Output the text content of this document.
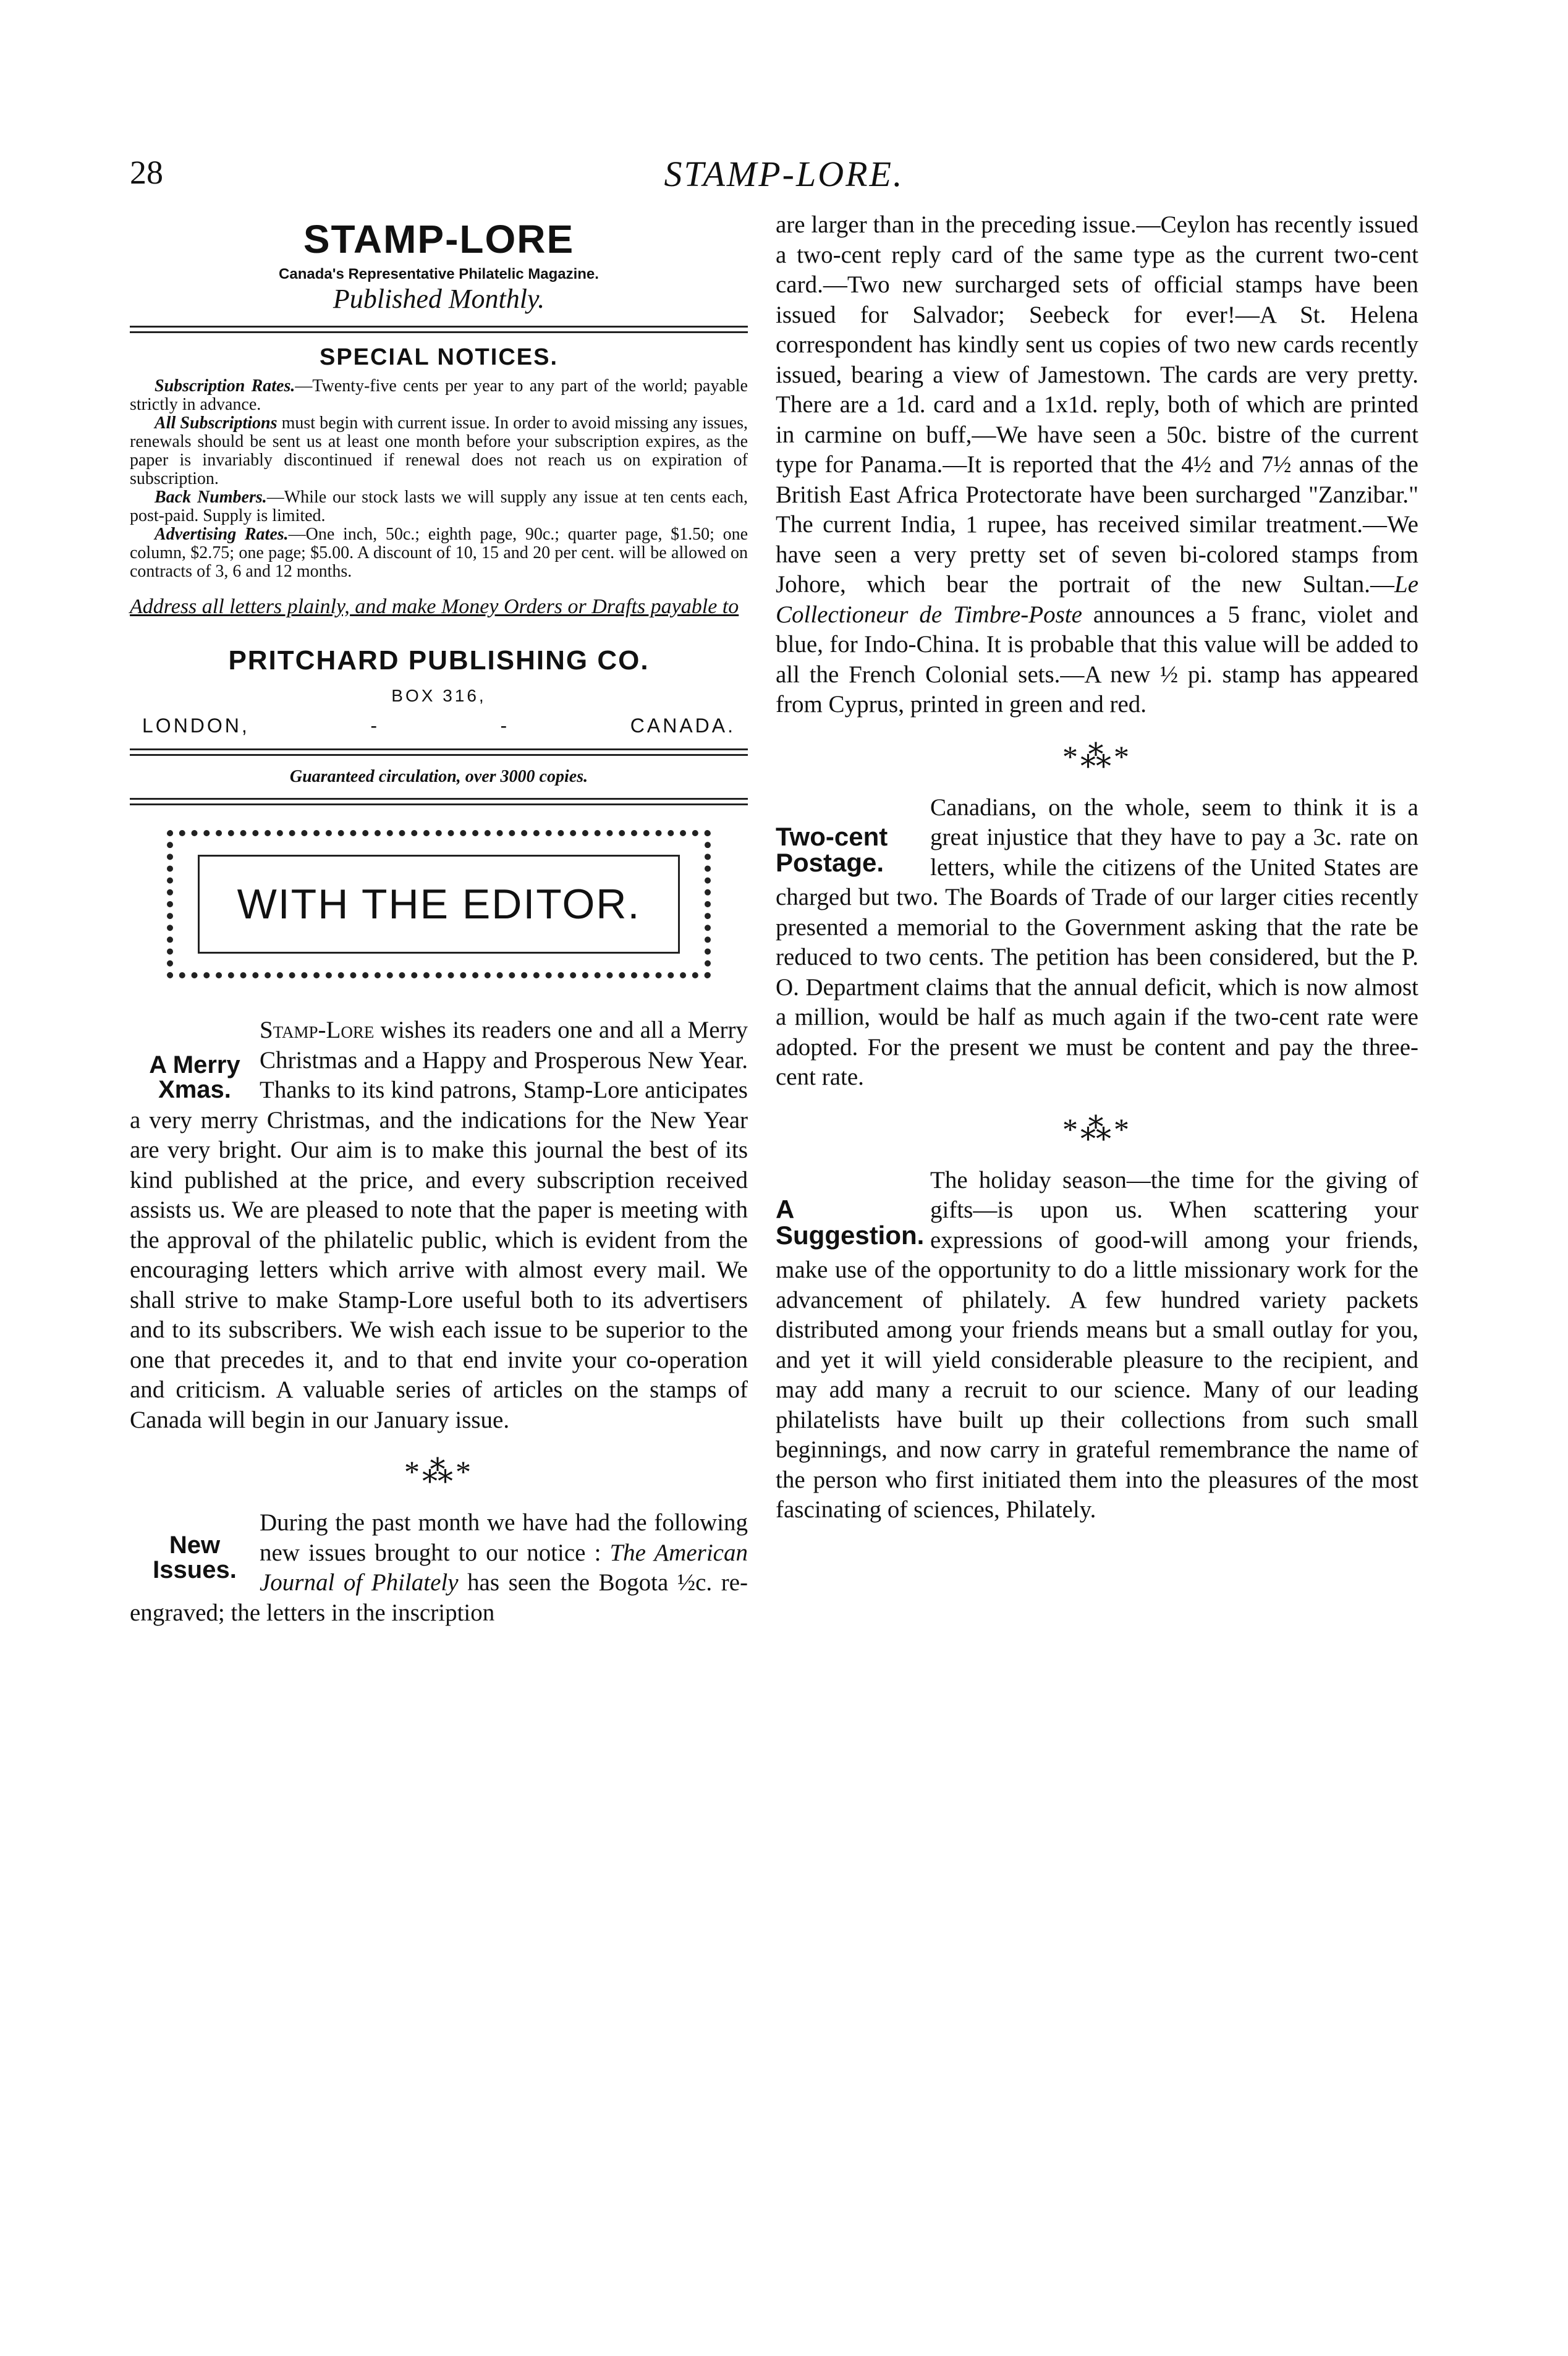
28	STAMP-LORE.
STAMP-LORE
Canada's Representative Philatelic Magazine.
Published Monthly.
SPECIAL NOTICES.

Subscription Rates.—Twenty-five cents per year to any part of the world; payable strictly in advance.

All Subscriptions must begin with current issue. In order to avoid missing any issues, renewals should be sent us at least one month before your subscription expires, as the paper is invariably discontinued if renewal does not reach us on expiration of subscription.

Back Numbers.—While our stock lasts we will supply any issue at ten cents each, post-paid. Supply is limited.

Advertising Rates.—One inch, 50c.; eighth page, 90c.; quarter page, $1.50; one column, $2.75; one page; $5.00. A discount of 10, 15 and 20 per cent. will be allowed on contracts of 3, 6 and 12 months.

Address all letters plainly, and make Money Orders or Drafts payable to
PRITCHARD PUBLISHING CO.
BOX 316,
LONDON,	-	-	CANADA.
Guaranteed circulation, over 3000 copies.
WITH THE EDITOR.
A Merry Xmas.

Stamp-Lore wishes its readers one and all a Merry Christmas and a Happy and Prosperous New Year. Thanks to its kind patrons, Stamp-Lore anticipates a very merry Christmas, and the indications for the New Year are very bright. Our aim is to make this journal the best of its kind published at the price, and every subscription received assists us. We are pleased to note that the paper is meeting with the approval of the philatelic public, which is evident from the encouraging letters which arrive with almost every mail. We shall strive to make Stamp-Lore useful both to its advertisers and to its subscribers. We wish each issue to be superior to the one that precedes it, and to that end invite your co-operation and criticism. A valuable series of articles on the stamps of Canada will begin in our January issue.

*⁂*
New Issues.

During the past month we have had the following new issues brought to our notice : The American Journal of Philately has seen the Bogota ½c. re-engraved; the letters in the inscription

are larger than in the preceding issue.—Ceylon has recently issued a two-cent reply card of the same type as the current two-cent card.—Two new surcharged sets of official stamps have been issued for Salvador; Seebeck for ever!—A St. Helena correspondent has kindly sent us copies of two new cards recently issued, bearing a view of Jamestown. The cards are very pretty. There are a 1d. card and a 1x1d. reply, both of which are printed in carmine on buff,—We have seen a 50c. bistre of the current type for Panama.—It is reported that the 4½ and 7½ annas of the British East Africa Protectorate have been surcharged "Zanzibar." The current India, 1 rupee, has received similar treatment.—We have seen a very pretty set of seven bi-colored stamps from Johore, which bear the portrait of the new Sultan.—Le Collectioneur de Timbre-Poste announces a 5 franc, violet and blue, for Indo-China. It is probable that this value will be added to all the French Colonial sets.—A new ½ pi. stamp has appeared from Cyprus, printed in green and red.

*⁂*
Two-cent Postage.

Canadians, on the whole, seem to think it is a great injustice that they have to pay a 3c. rate on letters, while the citizens of the United States are charged but two. The Boards of Trade of our larger cities recently presented a memorial to the Government asking that the rate be reduced to two cents. The petition has been considered, but the P. O. Department claims that the annual deficit, which is now almost a million, would be half as much again if the two-cent rate were adopted. For the present we must be content and pay the three-cent rate.

*⁂*
A Suggestion.

The holiday season—the time for the giving of gifts—is upon us. When scattering your expressions of good-will among your friends, make use of the opportunity to do a little missionary work for the advancement of philately. A few hundred variety packets distributed among your friends means but a small outlay for you, and yet it will yield considerable pleasure to the recipient, and may add many a recruit to our science. Many of our leading philatelists have built up their collections from such small beginnings, and now carry in grateful remembrance the name of the person who first initiated them into the pleasures of the most fascinating of sciences, Philately.
